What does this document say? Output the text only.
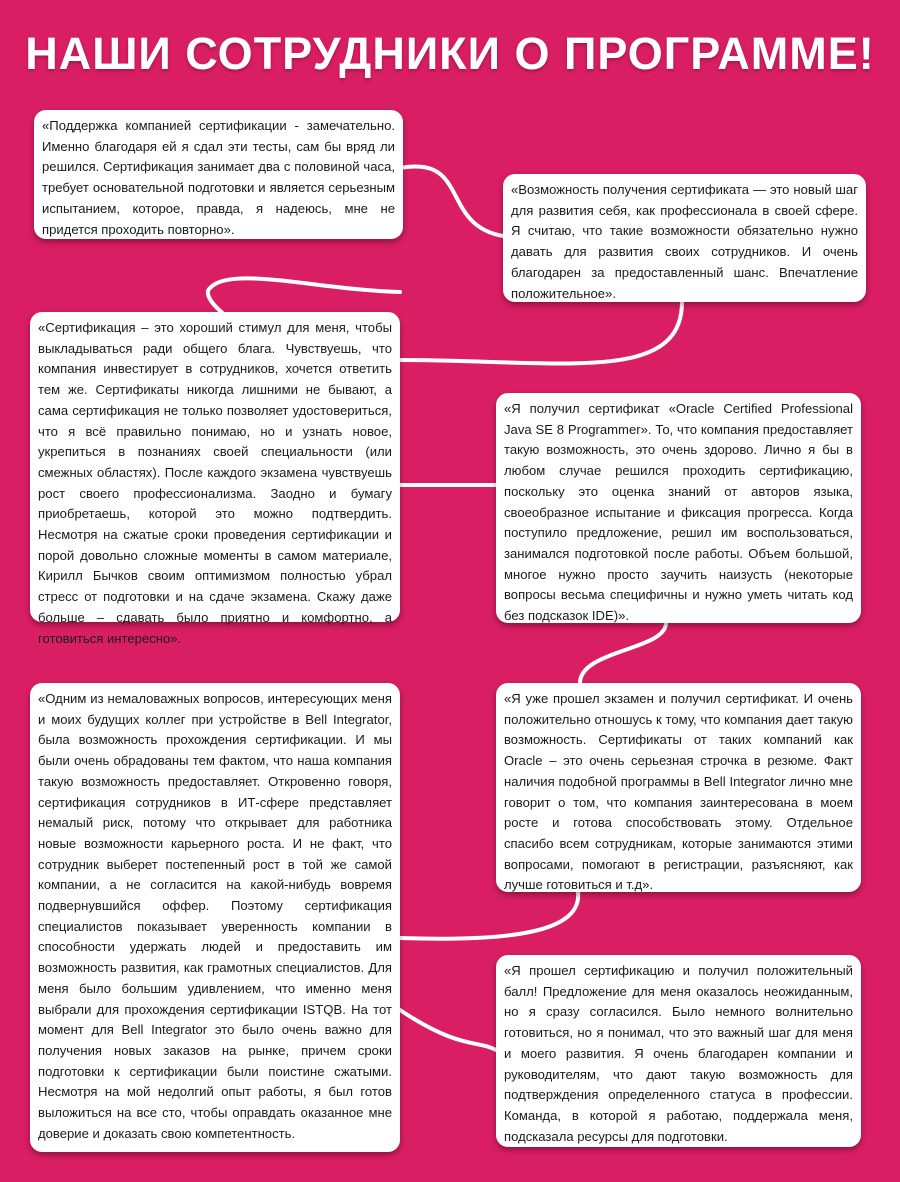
НАШИ СОТРУДНИКИ О ПРОГРАММЕ!
«Поддержка компанией сертификации - замечательно. Именно благодаря ей я сдал эти тесты, сам бы вряд ли решился. Сертификация занимает два с половиной часа, требует основательной подготовки и является серьезным испытанием, которое, правда, я надеюсь, мне не придется проходить повторно».
«Возможность получения сертификата — это новый шаг для развития себя, как профессионала в своей сфере. Я считаю, что такие возможности обязательно нужно давать для развития своих сотрудников. И очень благодарен за предоставленный шанс. Впечатление положительное».
«Сертификация – это хороший стимул для меня, чтобы выкладываться ради общего блага. Чувствуешь, что компания инвестирует в сотрудников, хочется ответить тем же. Сертификаты никогда лишними не бывают, а сама сертификация не только позволяет удостовериться, что я всё правильно понимаю, но и узнать новое, укрепиться в познаниях своей специальности (или смежных областях). После каждого экзамена чувствуешь рост своего профессионализма. Заодно и бумагу приобретаешь, которой это можно подтвердить. Несмотря на сжатые сроки проведения сертификации и порой довольно сложные моменты в самом материале, Кирилл Бычков своим оптимизмом полностью убрал стресс от подготовки и на сдаче экзамена. Скажу даже больше – сдавать было приятно и комфортно, а готовиться интересно».
«Я получил сертификат «Oracle Certified Professional Java SE 8 Programmer». То, что компания предоставляет такую возможность, это очень здорово. Лично я бы в любом случае решился проходить сертификацию, поскольку это оценка знаний от авторов языка, своеобразное испытание и фиксация прогресса. Когда поступило предложение, решил им воспользоваться, занимался подготовкой после работы. Объем большой, многое нужно просто заучить наизусть (некоторые вопросы весьма специфичны и нужно уметь читать код без подсказок IDE)».
«Одним из немаловажных вопросов, интересующих меня и моих будущих коллег при устройстве в Bell Integrator, была возможность прохождения сертификации. И мы были очень обрадованы тем фактом, что наша компания такую возможность предоставляет. Откровенно говоря, сертификация сотрудников в ИТ-сфере представляет немалый риск, потому что открывает для работника новые возможности карьерного роста. И не факт, что сотрудник выберет постепенный рост в той же самой компании, а не согласится на какой-нибудь вовремя подвернувшийся оффер. Поэтому сертификация специалистов показывает уверенность компании в способности удержать людей и предоставить им возможность развития, как грамотных специалистов. Для меня было большим удивлением, что именно меня выбрали для прохождения сертификации ISTQB. На тот момент для Bell Integrator это было очень важно для получения новых заказов на рынке, причем сроки подготовки к сертификации были поистине сжатыми. Несмотря на мой недолгий опыт работы, я был готов выложиться на все сто, чтобы оправдать оказанное мне доверие и доказать свою компетентность.
«Я уже прошел экзамен и получил сертификат. И очень положительно отношусь к тому, что компания дает такую возможность. Сертификаты от таких компаний как Oracle – это очень серьезная строчка в резюме. Факт наличия подобной программы в Bell Integrator лично мне говорит о том, что компания заинтересована в моем росте и готова способствовать этому. Отдельное спасибо всем сотрудникам, которые занимаются этими вопросами, помогают в регистрации, разъясняют, как лучше готовиться и т.д».
«Я прошел сертификацию и получил положительный балл! Предложение для меня оказалось неожиданным, но я сразу согласился. Было немного волнительно готовиться, но я понимал, что это важный шаг для меня и моего развития. Я очень благодарен компании и руководителям, что дают такую возможность для подтверждения определенного статуса в профессии. Команда, в которой я работаю, поддержала меня, подсказала ресурсы для подготовки.
